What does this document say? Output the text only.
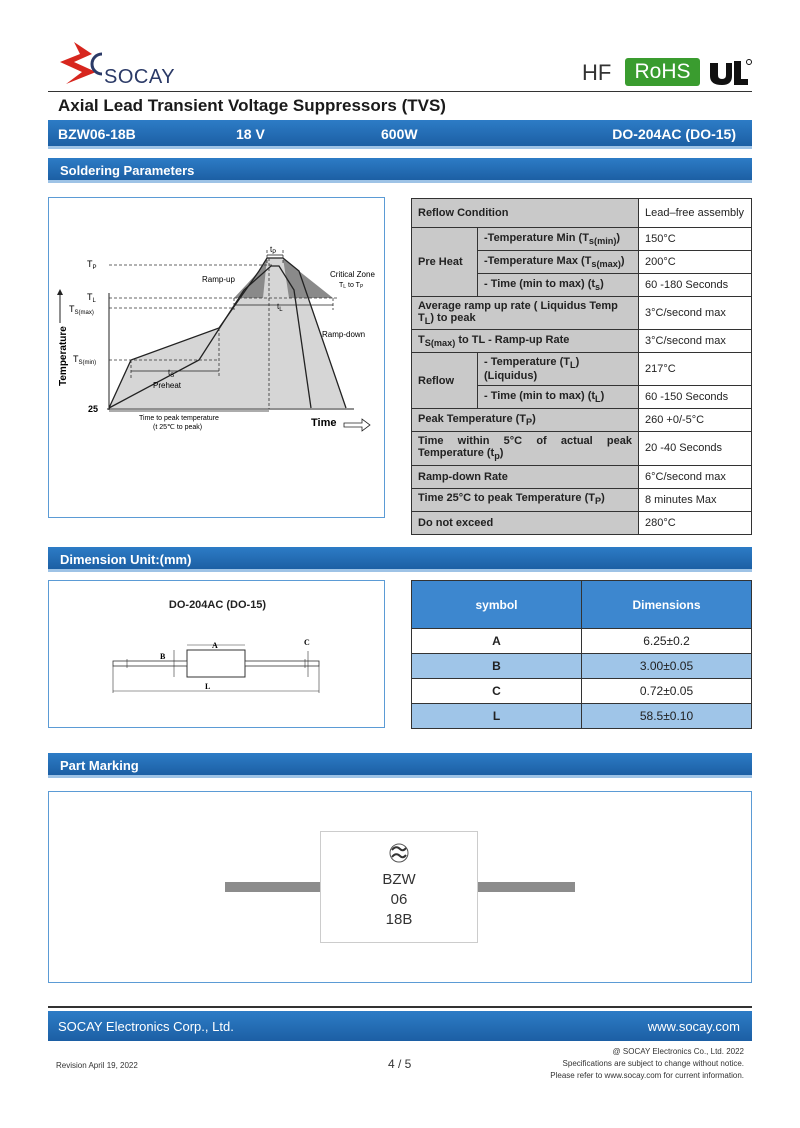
SOCAY	HF	RoHS
Axial Lead Transient Voltage Suppressors (TVS)
BZW06-18B	18 V	600W	DO-204AC (DO-15)
Soldering Parameters
$T_P$
$T_L$
$T_{S(max)}$
$T_{S(min)}$
25
Temperature
Time
$t_P$
$t_L$
$t_S$
Ramp-up
Ramp-down
Preheat
Critical Zone
TL to TP
Time to peak temperature
(t 25℃ to peak)
Reflow Condition		Lead–free assembly
Pre Heat	-Temperature Min $(T_{s(min)})$	150°C
	-Temperature Max $(T_{s(max)})$	200°C
	- Time (min to max) $(t_s)$	60 -180 Seconds
Average ramp up rate ( Liquidus Temp $T_L$) to peak		3°C/second max
$T_{S(max)}$ to TL - Ramp-up Rate		3°C/second max
Reflow	- Temperature $(T_L)$ (Liquidus)	217°C
	- Time (min to max) $(t_L)$	60 -150 Seconds
Peak Temperature $(T_P)$		260 +0/-5°C
Time within 5°C of actual peak Temperature $(t_p)$		20 -40 Seconds
Ramp-down Rate		6°C/second max
Time 25°C to peak Temperature $(T_P)$		8 minutes Max
Do not exceed		280°C
Dimension Unit:(mm)
DO-204AC (DO-15)
A
B
C
L
symbol	Dimensions
A	6.25±0.2
B	3.00±0.05
C	0.72±0.05
L	58.5±0.10
Part Marking
BZW
06
18B
SOCAY Electronics Corp., Ltd.	www.socay.com
Revision April 19, 2022	4 / 5
@ SOCAY Electronics Co., Ltd. 2022
Specifications are subject to change without notice.
Please refer to www.socay.com for current information.
